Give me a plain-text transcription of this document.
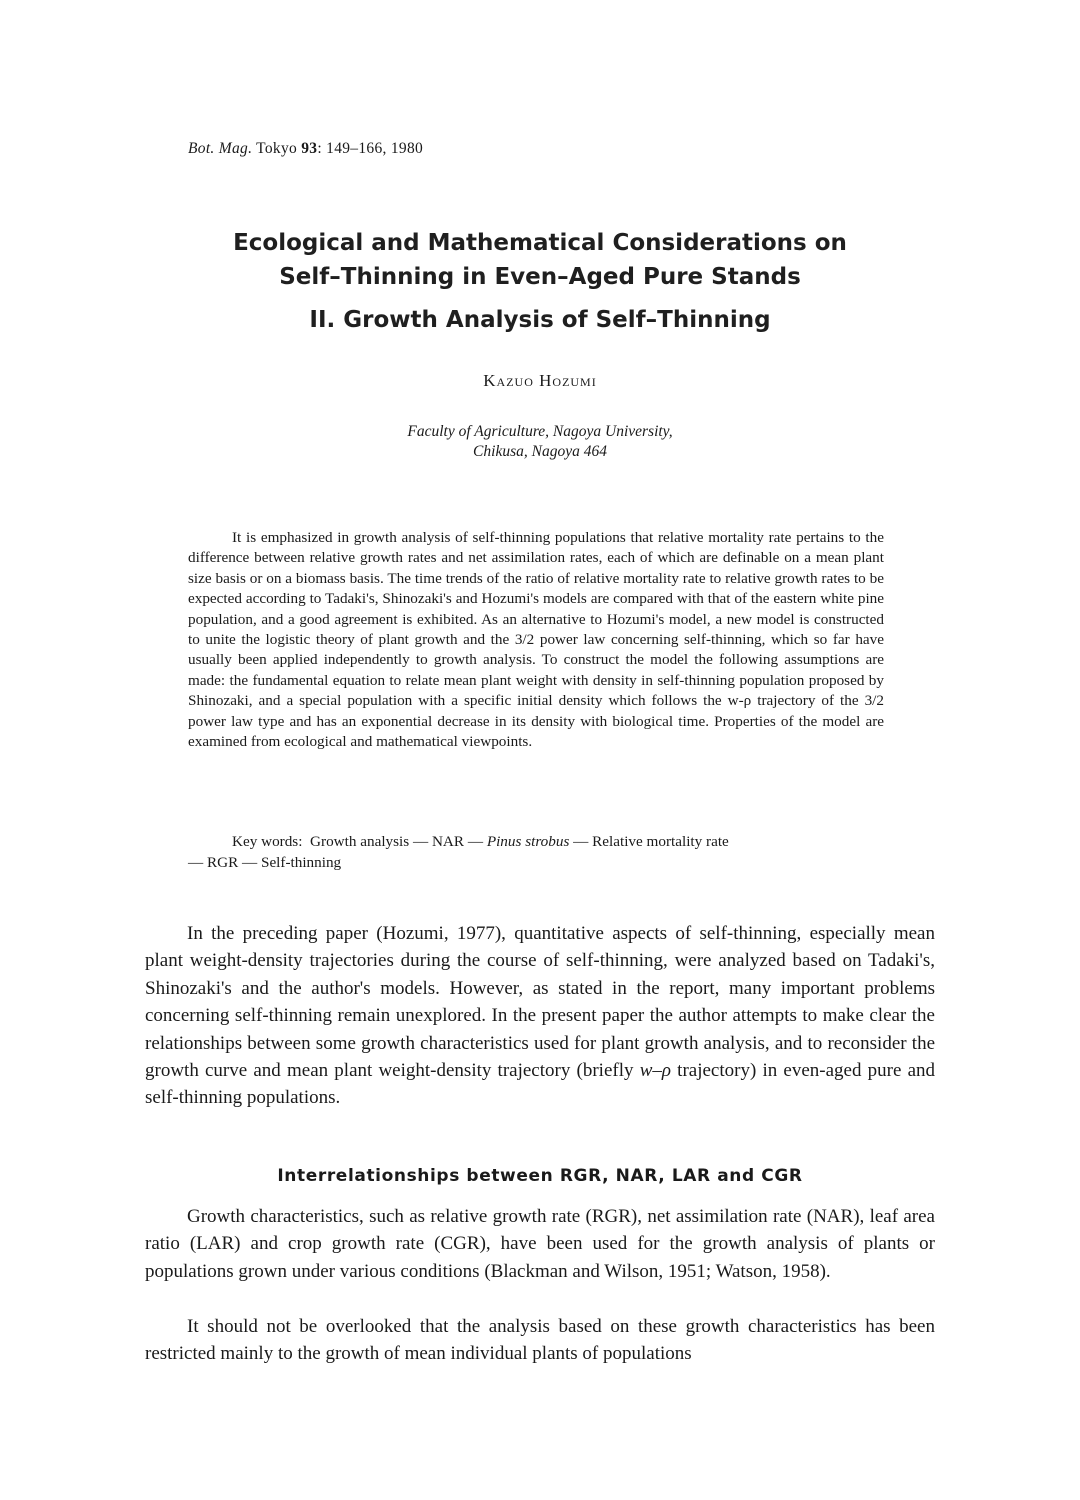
Bot. Mag. Tokyo 93: 149–166, 1980
Ecological and Mathematical Considerations on
Self–Thinning in Even–Aged Pure Stands
II. Growth Analysis of Self–Thinning
Kazuo Hozumi
Faculty of Agriculture, Nagoya University,
Chikusa, Nagoya 464
It is emphasized in growth analysis of self-thinning populations that relative mortality rate pertains to the difference between relative growth rates and net assimilation rates, each of which are definable on a mean plant size basis or on a biomass basis. The time trends of the ratio of relative mortality rate to relative growth rates to be expected according to Tadaki's, Shinozaki's and Hozumi's models are compared with that of the eastern white pine population, and a good agreement is exhibited. As an alternative to Hozumi's model, a new model is constructed to unite the logistic theory of plant growth and the 3/2 power law concerning self-thinning, which so far have usually been applied independently to growth analysis. To construct the model the following assumptions are made: the fundamental equation to relate mean plant weight with density in self-thinning population proposed by Shinozaki, and a special population with a specific initial density which follows the w-ρ trajectory of the 3/2 power law type and has an exponential decrease in its density with biological time. Properties of the model are examined from ecological and mathematical viewpoints.
Key words: Growth analysis — NAR — Pinus strobus — Relative mortality rate
— RGR — Self-thinning
In the preceding paper (Hozumi, 1977), quantitative aspects of self-thinning, especially mean plant weight-density trajectories during the course of self-thinning, were analyzed based on Tadaki's, Shinozaki's and the author's models. However, as stated in the report, many important problems concerning self-thinning remain unexplored. In the present paper the author attempts to make clear the relationships between some growth characteristics used for plant growth analysis, and to reconsider the growth curve and mean plant weight-density trajectory (briefly w–ρ trajectory) in even-aged pure and self-thinning populations.
Interrelationships between RGR, NAR, LAR and CGR
Growth characteristics, such as relative growth rate (RGR), net assimilation rate (NAR), leaf area ratio (LAR) and crop growth rate (CGR), have been used for the growth analysis of plants or populations grown under various conditions (Blackman and Wilson, 1951; Watson, 1958).
It should not be overlooked that the analysis based on these growth characteristics has been restricted mainly to the growth of mean individual plants of populations
